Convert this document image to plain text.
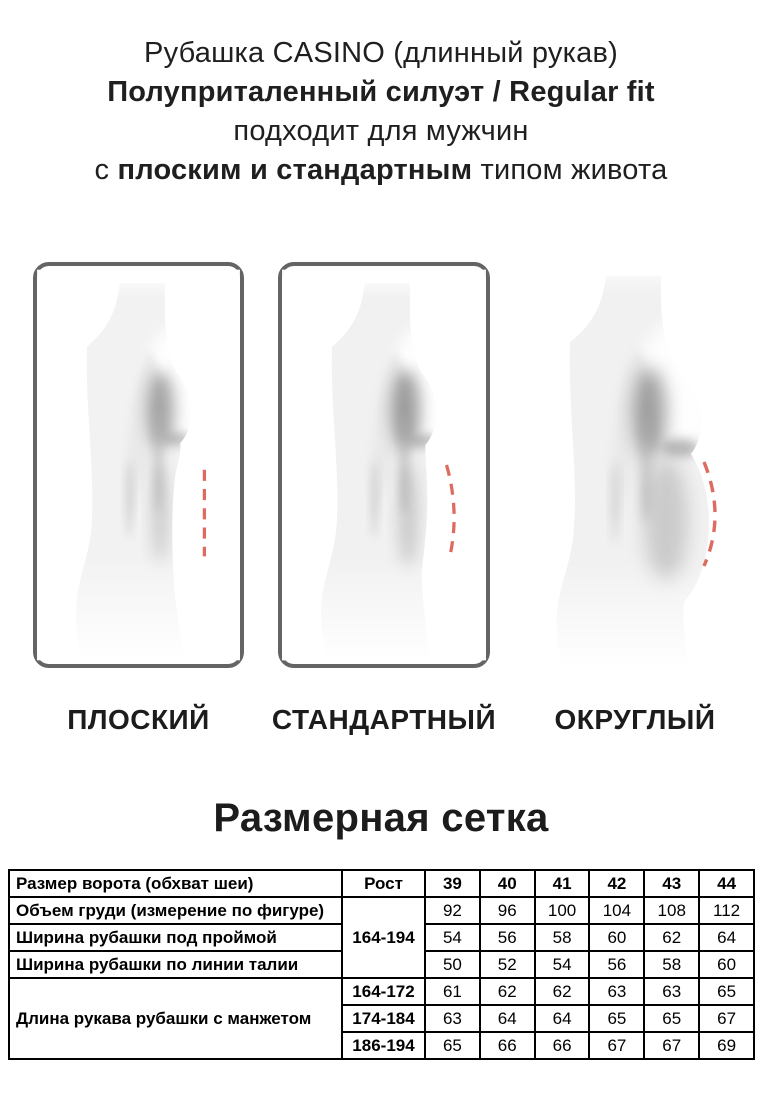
Рубашка CASINO (длинный рукав)
Полуприталенный силуэт / Regular fit
подходит для мужчин
с плоским и стандартным типом живота
ПЛОСКИЙ	СТАНДАРТНЫЙ	ОКРУГЛЫЙ
Размерная сетка
Размер ворота (обхват шеи)	Рост	39	40	41	42	43	44
Объем груди (измерение по фигуре)	164-194	92	96	100	104	108	112
Ширина рубашки под проймой		54	56	58	60	62	64
Ширина рубашки по линии талии		50	52	54	56	58	60
Длина рукава рубашки с манжетом	164-172	61	62	62	63	63	65
	174-184	63	64	64	65	65	67
	186-194	65	66	66	67	67	69
